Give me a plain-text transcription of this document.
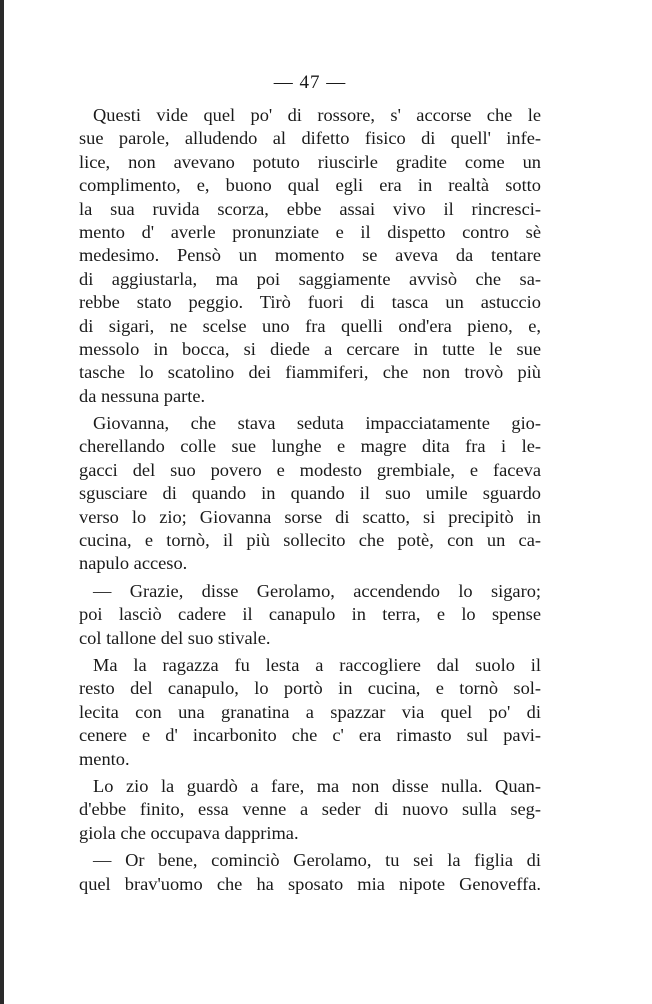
— 47 —
Questi vide quel po' di rossore, s' accorse che le
sue parole, alludendo al difetto fisico di quell' infe-
lice, non avevano potuto riuscirle gradite come un
complimento, e, buono qual egli era in realtà sotto
la sua ruvida scorza, ebbe assai vivo il rincresci-
mento d' averle pronunziate e il dispetto contro sè
medesimo. Pensò un momento se aveva da tentare
di aggiustarla, ma poi saggiamente avvisò che sa-
rebbe stato peggio. Tirò fuori di tasca un astuccio
di sigari, ne scelse uno fra quelli ond'era pieno, e,
messolo in bocca, si diede a cercare in tutte le sue
tasche lo scatolino dei fiammiferi, che non trovò più
da nessuna parte.
Giovanna, che stava seduta impacciatamente gio-
cherellando colle sue lunghe e magre dita fra i le-
gacci del suo povero e modesto grembiale, e faceva
sgusciare di quando in quando il suo umile sguardo
verso lo zio; Giovanna sorse di scatto, si precipitò in
cucina, e tornò, il più sollecito che potè, con un ca-
napulo acceso.
— Grazie, disse Gerolamo, accendendo lo sigaro;
poi lasciò cadere il canapulo in terra, e lo spense
col tallone del suo stivale.
Ma la ragazza fu lesta a raccogliere dal suolo il
resto del canapulo, lo portò in cucina, e tornò sol-
lecita con una granatina a spazzar via quel po' di
cenere e d' incarbonito che c' era rimasto sul pavi-
mento.
Lo zio la guardò a fare, ma non disse nulla. Quan-
d'ebbe finito, essa venne a seder di nuovo sulla seg-
giola che occupava dapprima.
— Or bene, cominciò Gerolamo, tu sei la figlia di
quel brav'uomo che ha sposato mia nipote Genoveffa.
